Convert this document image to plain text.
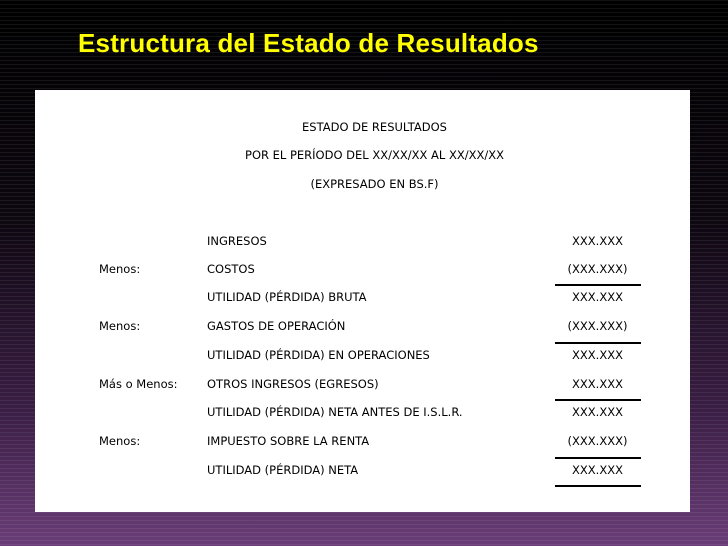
Estructura del Estado de Resultados
ESTADO DE RESULTADOS
POR EL PERÍODO DEL XX/XX/XX AL XX/XX/XX
(EXPRESADO EN BS.F)
INGRESOS	XXX.XXX
Menos:	COSTOS	(XXX.XXX)
UTILIDAD (PÉRDIDA) BRUTA	XXX.XXX
Menos:	GASTOS DE OPERACIÓN	(XXX.XXX)
UTILIDAD (PÉRDIDA) EN OPERACIONES	XXX.XXX
Más o Menos:	OTROS INGRESOS (EGRESOS)	XXX.XXX
UTILIDAD (PÉRDIDA) NETA ANTES DE I.S.L.R.	XXX.XXX
Menos:	IMPUESTO SOBRE LA RENTA	(XXX.XXX)
UTILIDAD (PÉRDIDA) NETA	XXX.XXX
